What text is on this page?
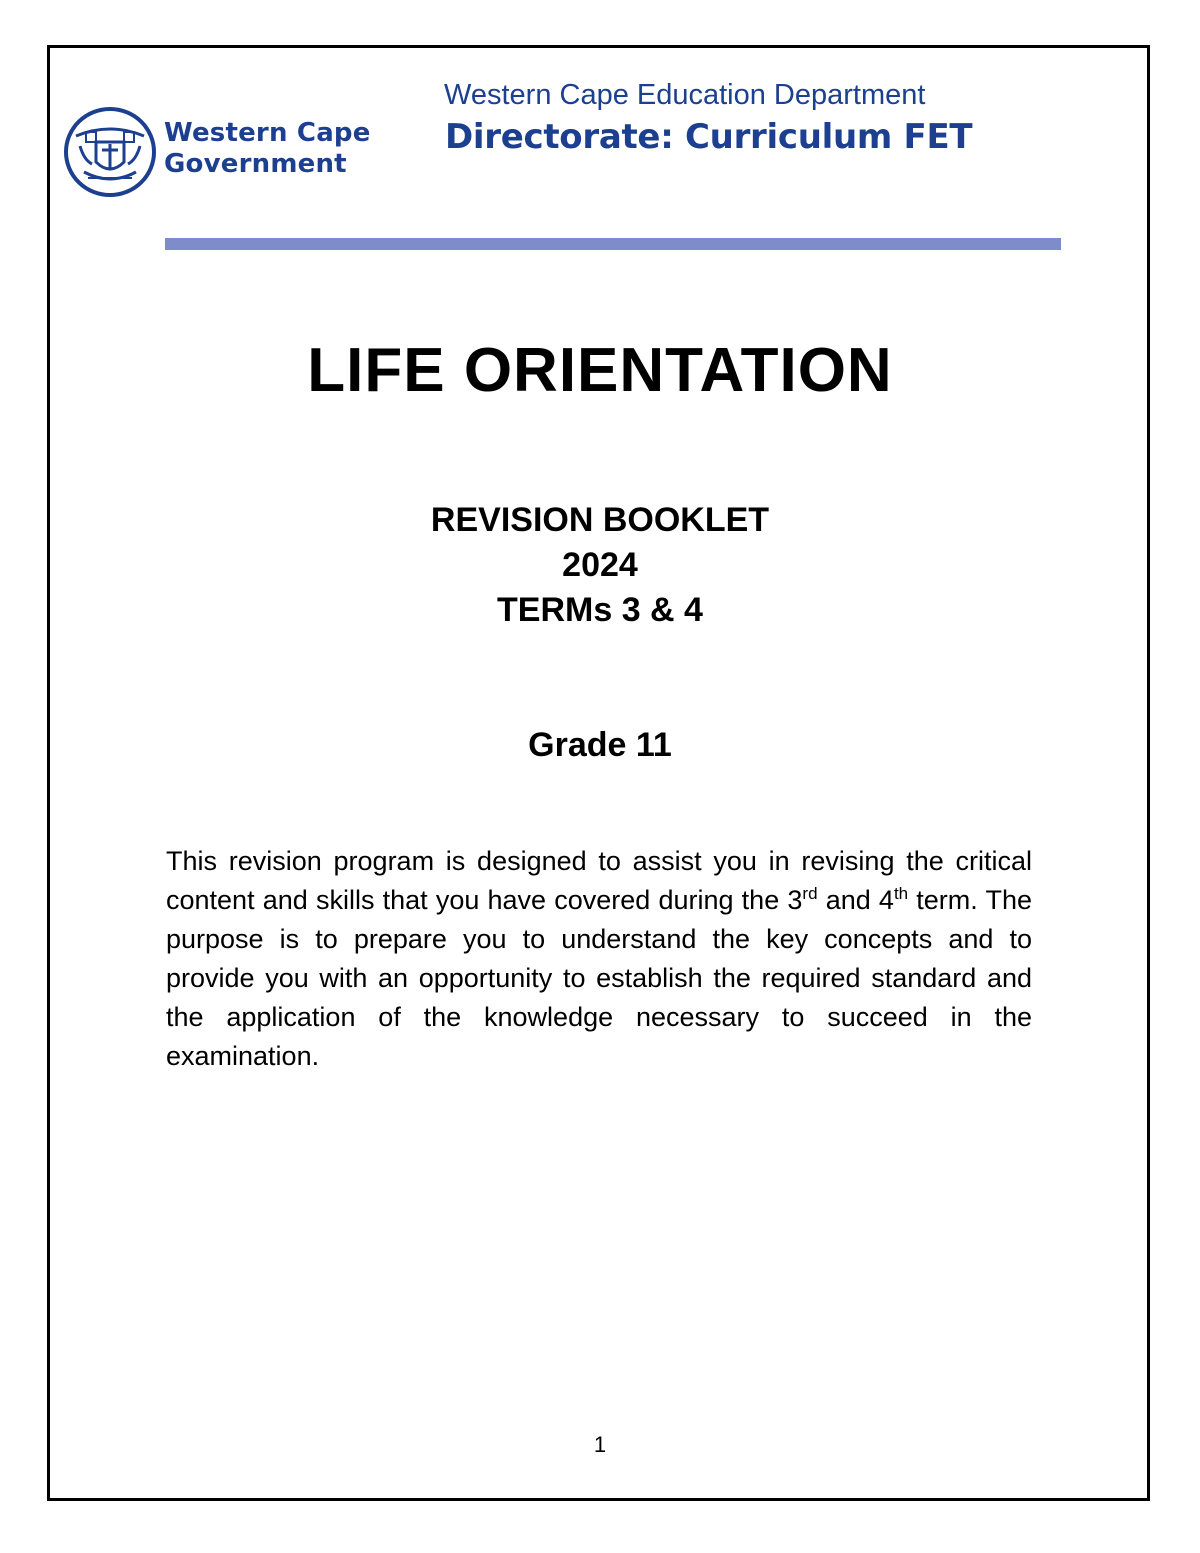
Western Cape
Government
Western Cape Education Department
Directorate: Curriculum FET
LIFE ORIENTATION
REVISION BOOKLET
2024
TERMs 3 & 4
Grade 11
This revision program is designed to assist you in revising the critical content and skills that you have covered during the 3rd and 4th term. The purpose is to prepare you to understand the key concepts and to provide you with an opportunity to establish the required standard and the application of the knowledge necessary to succeed in the examination.
1
